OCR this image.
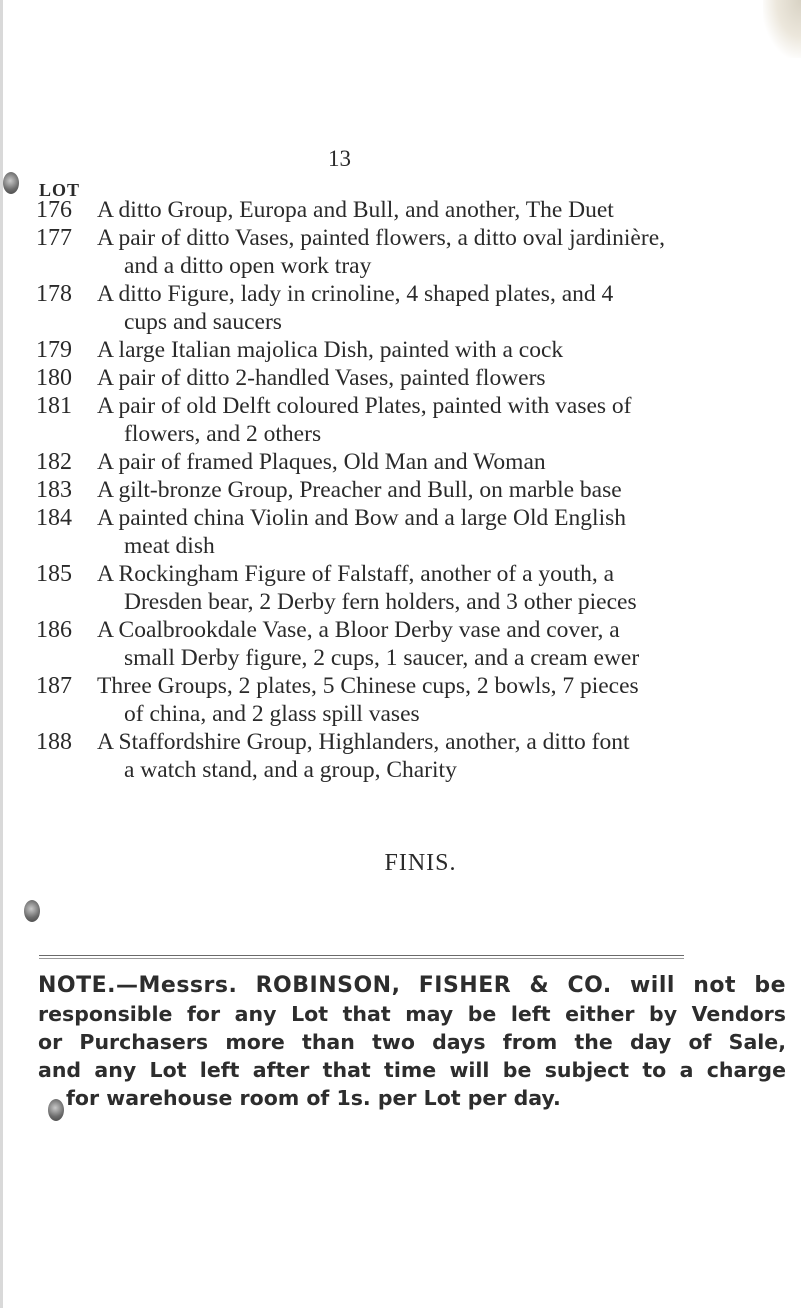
13
LOT
176 A ditto Group, Europa and Bull, and another, The Duet
177 A pair of ditto Vases, painted flowers, a ditto oval jardinière,
and a ditto open work tray
178 A ditto Figure, lady in crinoline, 4 shaped plates, and 4
cups and saucers
179 A large Italian majolica Dish, painted with a cock
180 A pair of ditto 2-handled Vases, painted flowers
181 A pair of old Delft coloured Plates, painted with vases of
flowers, and 2 others
182 A pair of framed Plaques, Old Man and Woman
183 A gilt-bronze Group, Preacher and Bull, on marble base
184 A painted china Violin and Bow and a large Old English
meat dish
185 A Rockingham Figure of Falstaff, another of a youth, a
Dresden bear, 2 Derby fern holders, and 3 other pieces
186 A Coalbrookdale Vase, a Bloor Derby vase and cover, a
small Derby figure, 2 cups, 1 saucer, and a cream ewer
187 Three Groups, 2 plates, 5 Chinese cups, 2 bowls, 7 pieces
of china, and 2 glass spill vases
188 A Staffordshire Group, Highlanders, another, a ditto font
a watch stand, and a group, Charity
FINIS.
NOTE.—Messrs. ROBINSON, FISHER & CO. will not be
responsible for any Lot that may be left either by Vendors
or Purchasers more than two days from the day of Sale,
and any Lot left after that time will be subject to a charge
for warehouse room of 1s. per Lot per day.
